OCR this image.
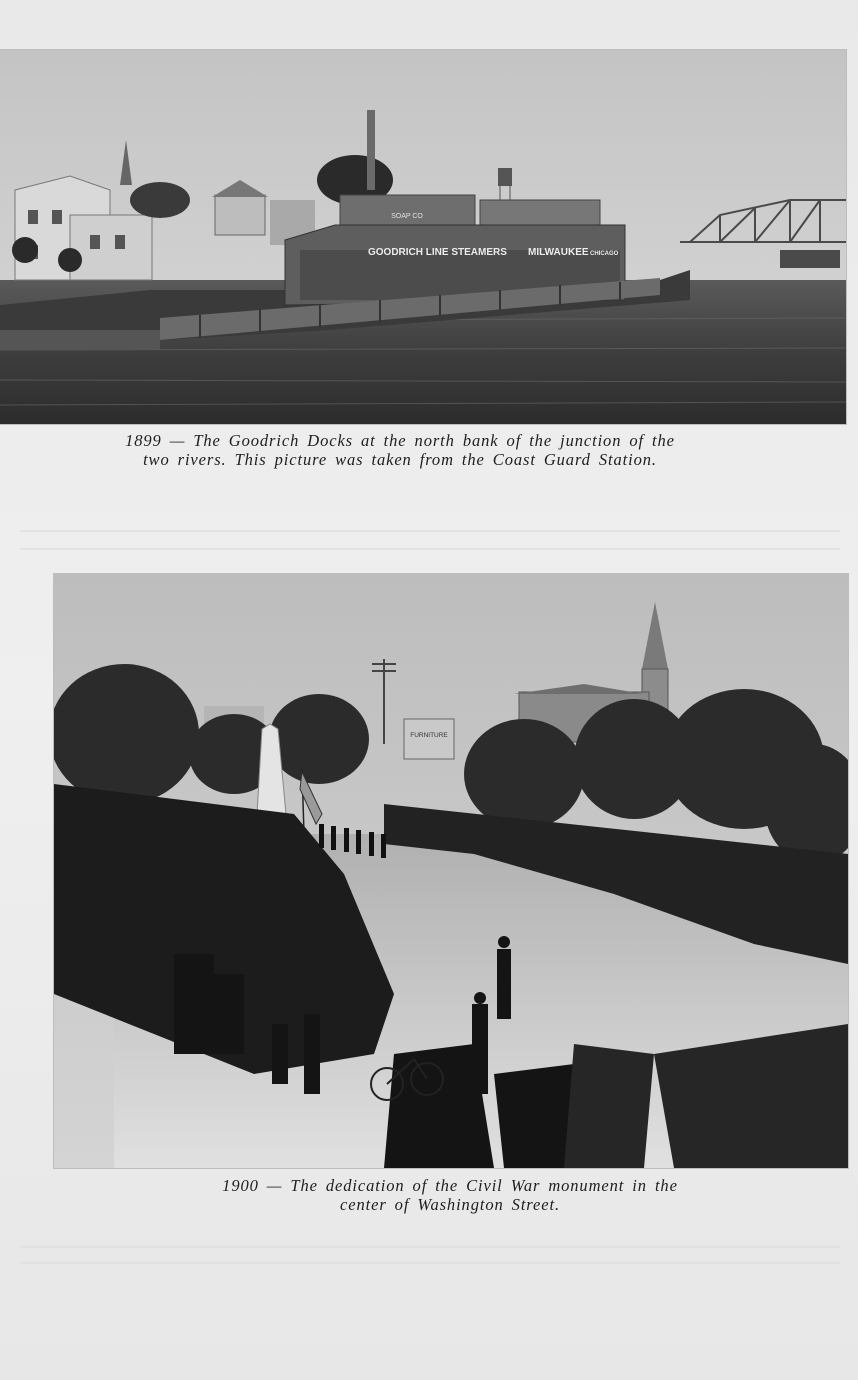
SOAP CO
GOODRICH LINE STEAMERS MILWAUKEE CHICAGO
1899 — The Goodrich Docks at the north bank of the junction of the
two rivers. This picture was taken from the Coast Guard Station.
FURNITURE
1900 — The dedication of the Civil War monument in the
center of Washington Street.
